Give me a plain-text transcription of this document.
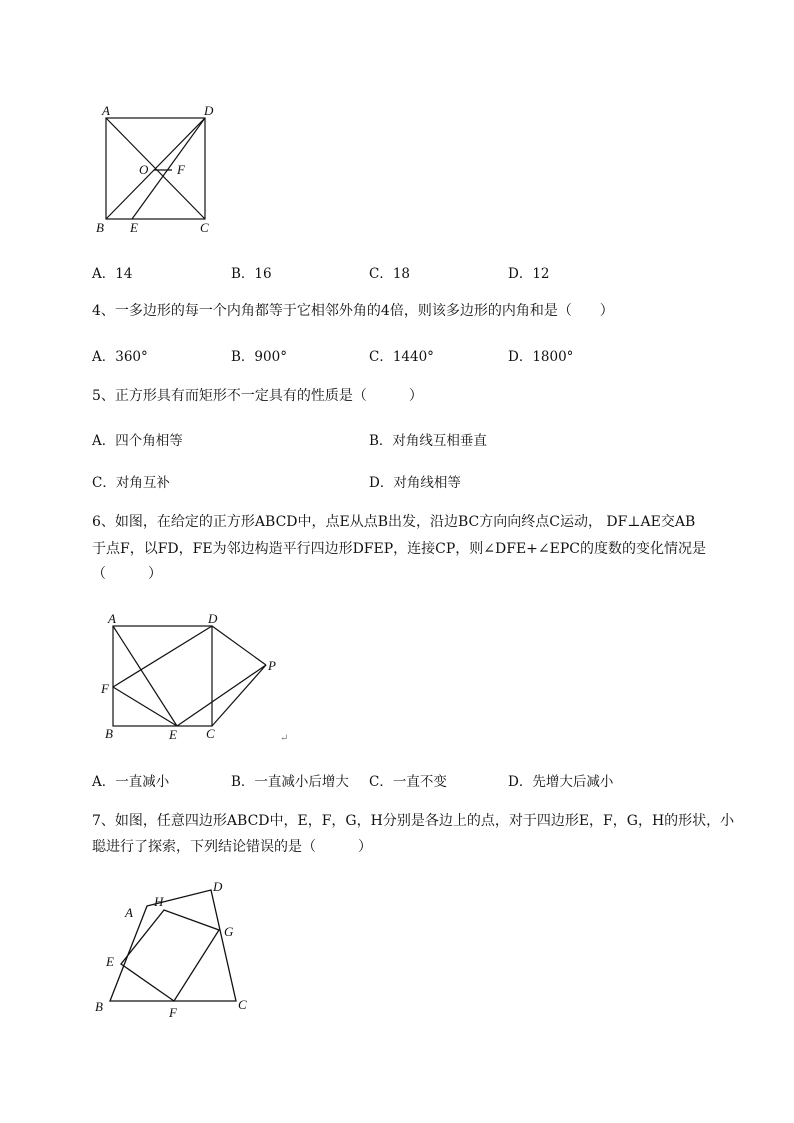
A	D
O F
B E	C
A．14	B．16	C．18	D．12
4、一多边形的每一个内角都等于它相邻外角的4倍，则该多边形的内角和是（　　）
A．360°	B．900°	C．1440°	D．1800°
5、正方形具有而矩形不一定具有的性质是（　　　）
A．四个角相等	B．对角线互相垂直
C．对角互补	D．对角线相等
6、如图，在给定的正方形ABCD中，点E从点B出发，沿边BC方向向终点C运动， DF⊥AE交AB
于点F，以FD，FE为邻边构造平行四边形DFEP，连接CP，则∠DFE+∠EPC的度数的变化情况是
（　　　）
A	D
P
F
B	E C	↵
A．一直减小	B．一直减小后增大 C．一直不变	D．先增大后减小
7、如图，任意四边形ABCD中，E，F，G，H分别是各边上的点，对于四边形E，F，G，H的形状，小
聪进行了探索，下列结论错误的是（　　　）
A
H
D
G
E
B	F
C
